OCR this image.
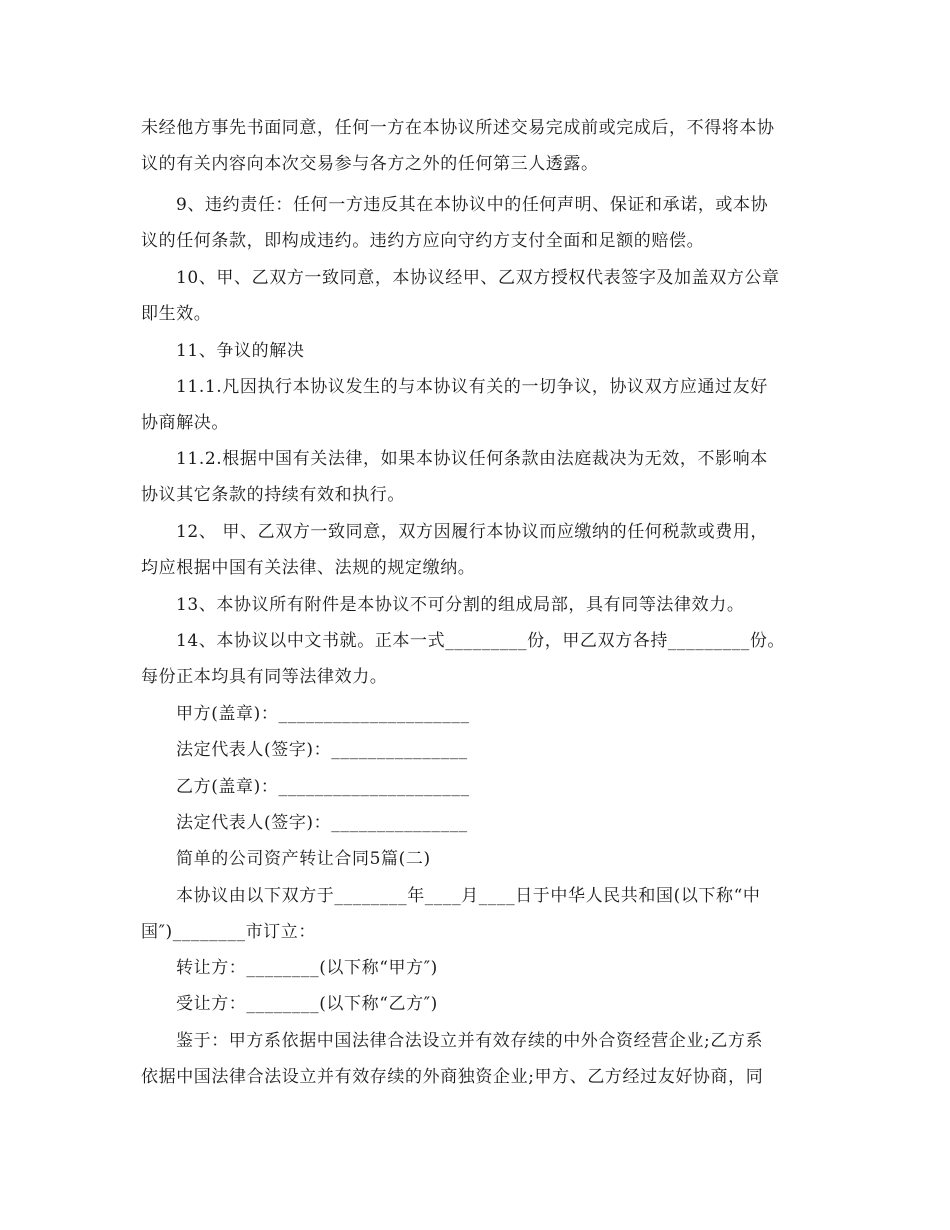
未经他方事先书面同意，任何一方在本协议所述交易完成前或完成后，不得将本协
议的有关内容向本次交易参与各方之外的任何第三人透露。
9、违约责任：任何一方违反其在本协议中的任何声明、保证和承诺，或本协
议的任何条款，即构成违约。违约方应向守约方支付全面和足额的赔偿。
10、甲、乙双方一致同意，本协议经甲、乙双方授权代表签字及加盖双方公章
即生效。
11、争议的解决
11.1.凡因执行本协议发生的与本协议有关的一切争议，协议双方应通过友好
协商解决。
11.2.根据中国有关法律，如果本协议任何条款由法庭裁决为无效，不影响本
协议其它条款的持续有效和执行。
12、 甲、乙双方一致同意，双方因履行本协议而应缴纳的任何税款或费用，
均应根据中国有关法律、法规的规定缴纳。
13、本协议所有附件是本协议不可分割的组成局部，具有同等法律效力。
14、本协议以中文书就。正本一式_________份，甲乙双方各持_________份。
每份正本均具有同等法律效力。
甲方(盖章)：_____________________
法定代表人(签字)：_______________
乙方(盖章)：_____________________
法定代表人(签字)：_______________
简单的公司资产转让合同5篇(二)
本协议由以下双方于________年____月____日于中华人民共和国(以下称“中
国″)________市订立：
转让方：________(以下称“甲方″)
受让方：________(以下称“乙方″)
鉴于：甲方系依据中国法律合法设立并有效存续的中外合资经营企业;乙方系
依据中国法律合法设立并有效存续的外商独资企业;甲方、乙方经过友好协商，同
